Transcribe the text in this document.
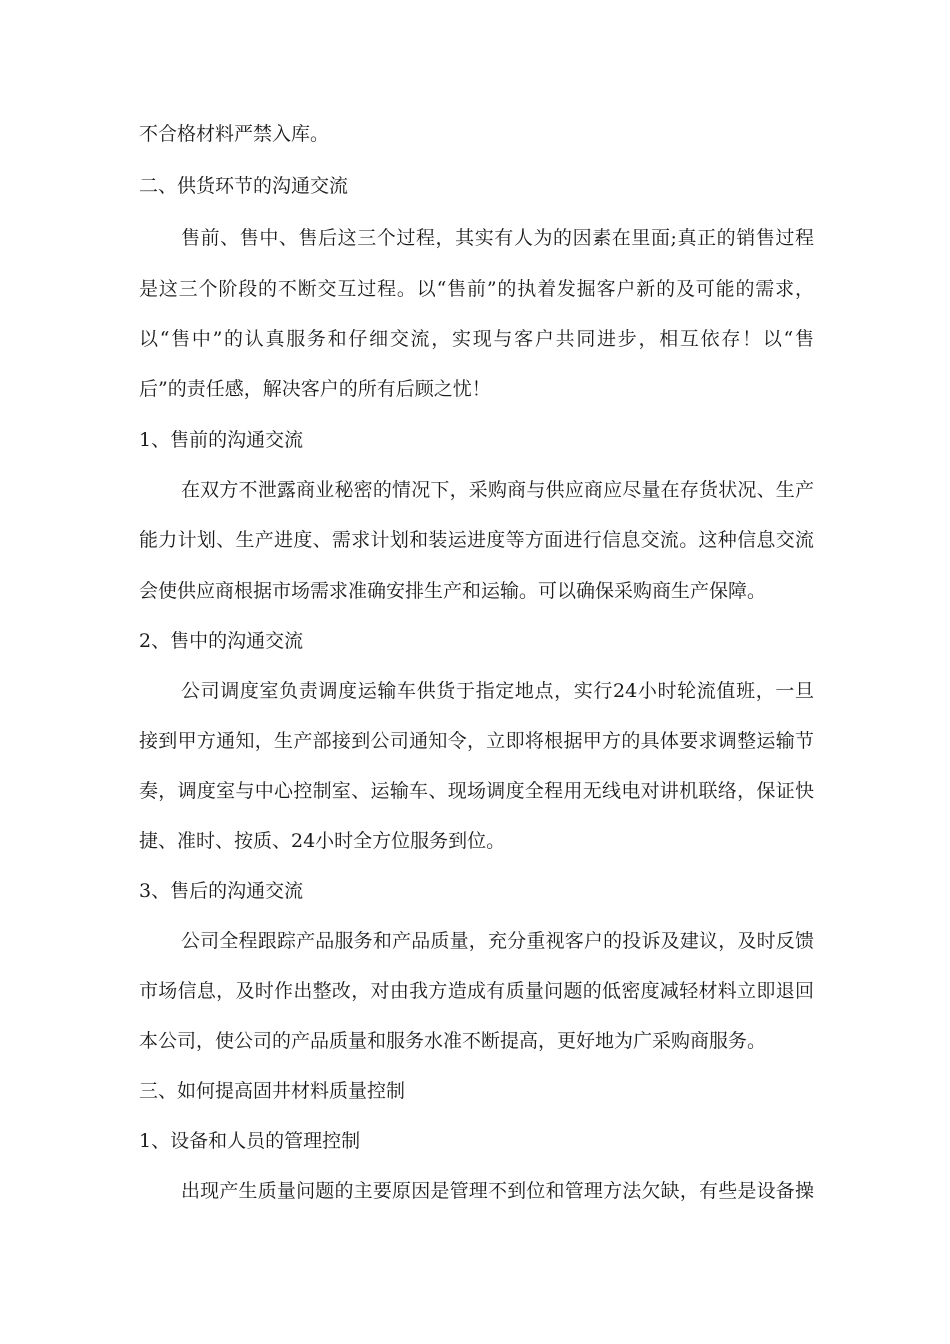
不合格材料严禁入库。
二、供货环节的沟通交流
售前、售中、售后这三个过程，其实有人为的因素在里面;真正的销售过程
是这三个阶段的不断交互过程。以“售前”的执着发掘客户新的及可能的需求，
以“售中”的认真服务和仔细交流，实现与客户共同进步，相互依存！以“售
后”的责任感，解决客户的所有后顾之忧！
1、售前的沟通交流
在双方不泄露商业秘密的情况下，采购商与供应商应尽量在存货状况、生产
能力计划、生产进度、需求计划和装运进度等方面进行信息交流。这种信息交流
会使供应商根据市场需求准确安排生产和运输。可以确保采购商生产保障。
2、售中的沟通交流
公司调度室负责调度运输车供货于指定地点，实行24小时轮流值班，一旦
接到甲方通知，生产部接到公司通知令，立即将根据甲方的具体要求调整运输节
奏，调度室与中心控制室、运输车、现场调度全程用无线电对讲机联络，保证快
捷、准时、按质、24小时全方位服务到位。
3、售后的沟通交流
公司全程跟踪产品服务和产品质量，充分重视客户的投诉及建议，及时反馈
市场信息，及时作出整改，对由我方造成有质量问题的低密度减轻材料立即退回
本公司，使公司的产品质量和服务水准不断提高，更好地为广采购商服务。
三、如何提高固井材料质量控制
1、设备和人员的管理控制
出现产生质量问题的主要原因是管理不到位和管理方法欠缺，有些是设备操
